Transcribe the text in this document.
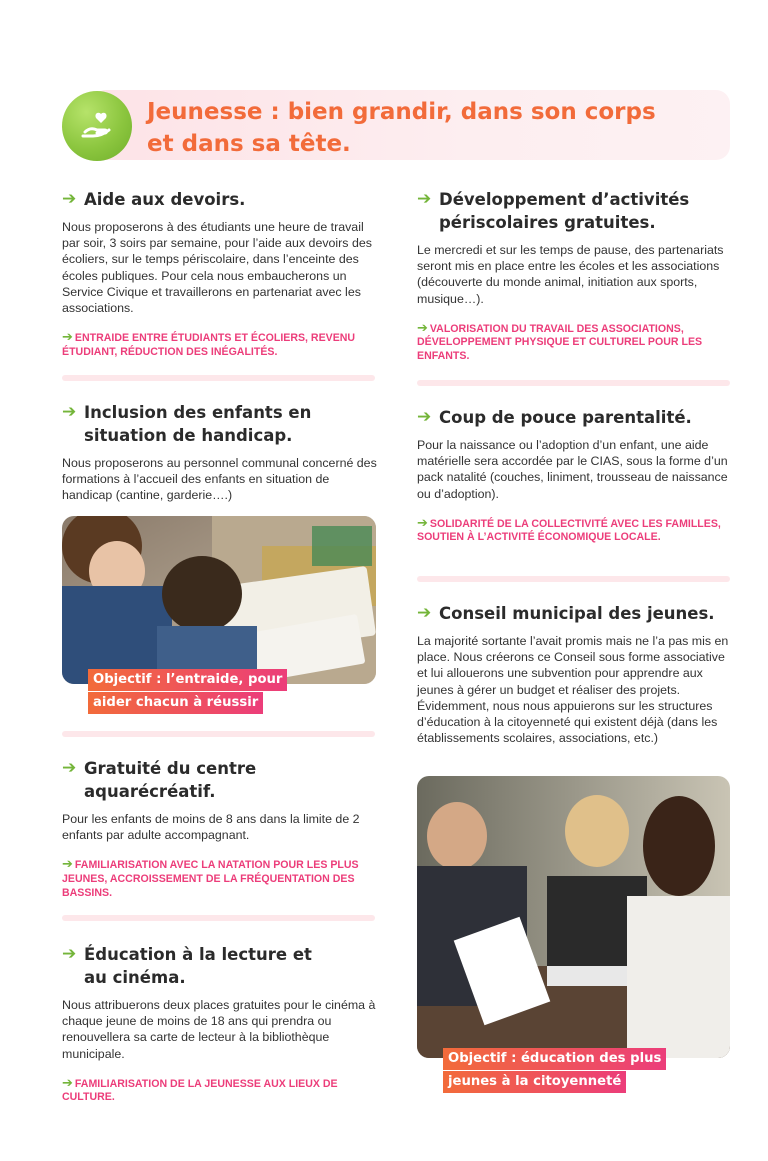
Jeunesse : bien grandir, dans son corps
et dans sa tête.
➔ Aide aux devoirs.
Nous proposerons à des étudiants une heure de travail par soir, 3 soirs par semaine, pour l’aide aux devoirs des écoliers, sur le temps périscolaire, dans l’enceinte des écoles publiques. Pour cela nous embaucherons un Service Civique et travaillerons en partenariat avec les associations.
➔ ENTRAIDE ENTRE ÉTUDIANTS ET ÉCOLIERS, REVENU ÉTUDIANT, RÉDUCTION DES INÉGALITÉS.
➔ Inclusion des enfants en
situation de handicap.
Nous proposerons au personnel communal concerné des formations à l’accueil des enfants en situation de handicap (cantine, garderie….)
Objectif : l’entraide, pour
aider chacun à réussir
➔ Gratuité du centre
aquarécréatif.
Pour les enfants de moins de 8 ans dans la limite de 2 enfants par adulte accompagnant.
➔ FAMILIARISATION AVEC LA NATATION POUR LES PLUS JEUNES, ACCROISSEMENT DE LA FRÉQUENTATION DES BASSINS.
➔ Éducation à la lecture et
au cinéma.
Nous attribuerons deux places gratuites pour le cinéma à chaque jeune de moins de 18 ans qui prendra ou renouvellera sa carte de lecteur à la bibliothèque municipale.
➔ FAMILIARISATION DE LA JEUNESSE AUX LIEUX DE CULTURE.
➔ Développement d’activités
périscolaires gratuites.
Le mercredi et sur les temps de pause, des partenariats seront mis en place entre les écoles et les associations (découverte du monde animal, initiation aux sports, musique…).
➔ VALORISATION DU TRAVAIL DES ASSOCIATIONS, DÉVELOPPEMENT PHYSIQUE ET CULTUREL POUR LES ENFANTS.
➔ Coup de pouce parentalité.
Pour la naissance ou l’adoption d’un enfant, une aide matérielle sera accordée par le CIAS, sous la forme d’un pack natalité (couches, liniment, trousseau de naissance ou d’adoption).
➔ SOLIDARITÉ DE LA COLLECTIVITÉ AVEC LES FAMILLES, SOUTIEN À L’ACTIVITÉ ÉCONOMIQUE LOCALE.
➔ Conseil municipal des jeunes.
La majorité sortante l’avait promis mais ne l’a pas mis en place. Nous créerons ce Conseil sous forme associative et lui allouerons une subvention pour apprendre aux jeunes à gérer un budget et réaliser des projets. Évidemment, nous nous appuierons sur les structures d’éducation à la citoyenneté qui existent déjà (dans les établissements scolaires, associations, etc.)
Objectif : éducation des plus
jeunes à la citoyenneté
